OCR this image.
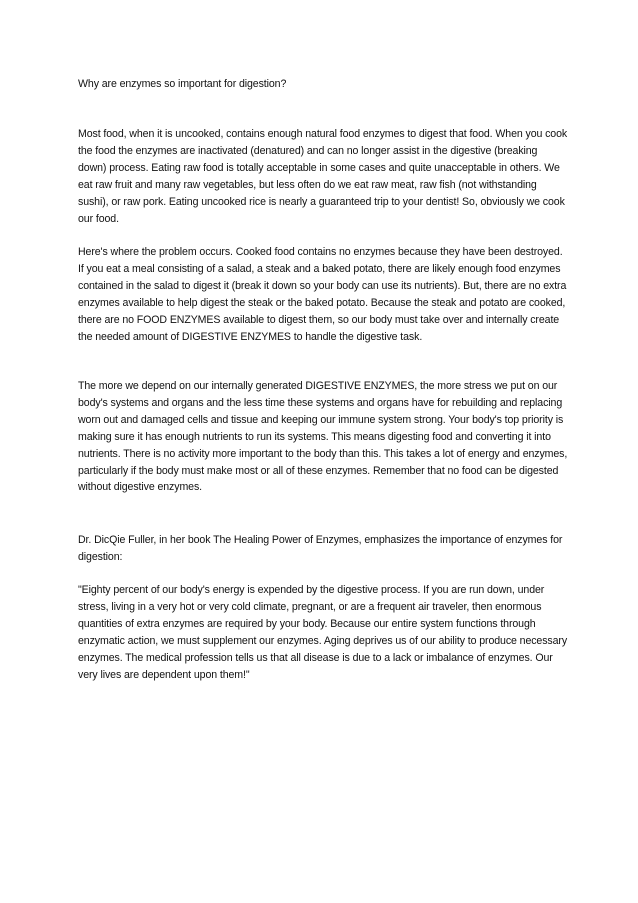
Why are enzymes so important for digestion?

Most food, when it is uncooked, contains enough natural food enzymes to digest that food. When you cook the food the enzymes are inactivated (denatured) and can no longer assist in the digestive (breaking down) process. Eating raw food is totally acceptable in some cases and quite unacceptable in others. We eat raw fruit and many raw vegetables, but less often do we eat raw meat, raw fish (not withstanding sushi), or raw pork. Eating uncooked rice is nearly a guaranteed trip to your dentist! So, obviously we cook our food.

Here's where the problem occurs. Cooked food contains no enzymes because they have been destroyed. If you eat a meal consisting of a salad, a steak and a baked potato, there are likely enough food enzymes contained in the salad to digest it (break it down so your body can use its nutrients). But, there are no extra enzymes available to help digest the steak or the baked potato. Because the steak and potato are cooked, there are no FOOD ENZYMES available to digest them, so our body must take over and internally create the needed amount of DIGESTIVE ENZYMES to handle the digestive task.

The more we depend on our internally generated DIGESTIVE ENZYMES, the more stress we put on our body's systems and organs and the less time these systems and organs have for rebuilding and replacing worn out and damaged cells and tissue and keeping our immune system strong. Your body's top priority is making sure it has enough nutrients to run its systems. This means digesting food and converting it into nutrients. There is no activity more important to the body than this. This takes a lot of energy and enzymes, particularly if the body must make most or all of these enzymes. Remember that no food can be digested without digestive enzymes.

Dr. DicQie Fuller, in her book The Healing Power of Enzymes, emphasizes the importance of enzymes for digestion:

"Eighty percent of our body's energy is expended by the digestive process. If you are run down, under stress, living in a very hot or very cold climate, pregnant, or are a frequent air traveler, then enormous quantities of extra enzymes are required by your body. Because our entire system functions through enzymatic action, we must supplement our enzymes. Aging deprives us of our ability to produce necessary enzymes. The medical profession tells us that all disease is due to a lack or imbalance of enzymes. Our very lives are dependent upon them!"
